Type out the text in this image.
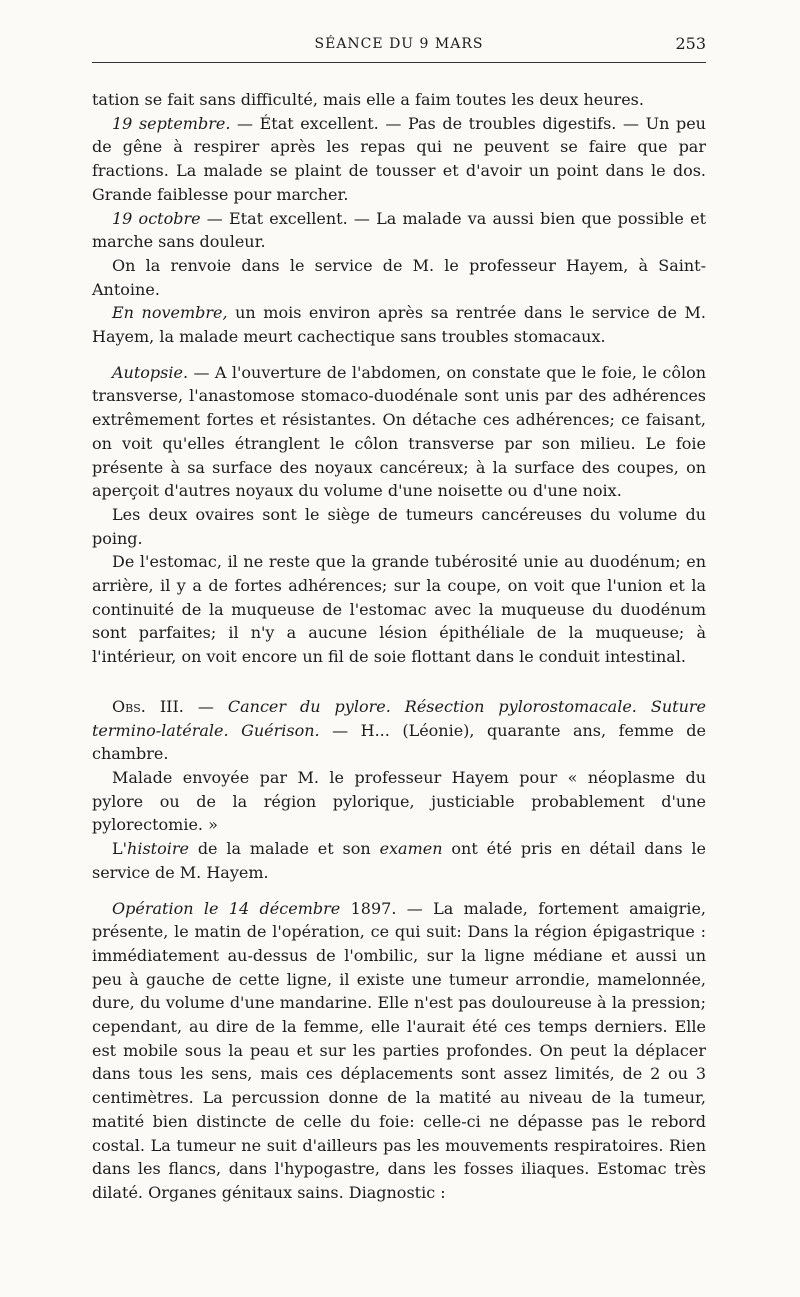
SÉANCE DU 9 MARS	253

tation se fait sans difficulté, mais elle a faim toutes les deux heures.

19 septembre. — État excellent. — Pas de troubles digestifs. — Un peu de gêne à respirer après les repas qui ne peuvent se faire que par fractions. La malade se plaint de tousser et d'avoir un point dans le dos. Grande faiblesse pour marcher.

19 octobre — Etat excellent. — La malade va aussi bien que possible et marche sans douleur.

On la renvoie dans le service de M. le professeur Hayem, à Saint-Antoine.

En novembre, un mois environ après sa rentrée dans le service de M. Hayem, la malade meurt cachectique sans troubles stomacaux.

Autopsie. — A l'ouverture de l'abdomen, on constate que le foie, le côlon transverse, l'anastomose stomaco-duodénale sont unis par des adhérences extrêmement fortes et résistantes. On détache ces adhérences; ce faisant, on voit qu'elles étranglent le côlon transverse par son milieu. Le foie présente à sa surface des noyaux cancéreux; à la surface des coupes, on aperçoit d'autres noyaux du volume d'une noisette ou d'une noix.

Les deux ovaires sont le siège de tumeurs cancéreuses du volume du poing.

De l'estomac, il ne reste que la grande tubérosité unie au duodénum; en arrière, il y a de fortes adhérences; sur la coupe, on voit que l'union et la continuité de la muqueuse de l'estomac avec la muqueuse du duodénum sont parfaites; il n'y a aucune lésion épithéliale de la muqueuse; à l'intérieur, on voit encore un fil de soie flottant dans le conduit intestinal.

Obs. III. — Cancer du pylore. Résection pylorostomacale. Suture termino-latérale. Guérison. — H... (Léonie), quarante ans, femme de chambre.

Malade envoyée par M. le professeur Hayem pour « néoplasme du pylore ou de la région pylorique, justiciable probablement d'une pylorectomie. »

L'histoire de la malade et son examen ont été pris en détail dans le service de M. Hayem.

Opération le 14 décembre 1897. — La malade, fortement amaigrie, présente, le matin de l'opération, ce qui suit: Dans la région épigastrique : immédiatement au-dessus de l'ombilic, sur la ligne médiane et aussi un peu à gauche de cette ligne, il existe une tumeur arrondie, mamelonnée, dure, du volume d'une mandarine. Elle n'est pas douloureuse à la pression; cependant, au dire de la femme, elle l'aurait été ces temps derniers. Elle est mobile sous la peau et sur les parties profondes. On peut la déplacer dans tous les sens, mais ces déplacements sont assez limités, de 2 ou 3 centimètres. La percussion donne de la matité au niveau de la tumeur, matité bien distincte de celle du foie: celle-ci ne dépasse pas le rebord costal. La tumeur ne suit d'ailleurs pas les mouvements respiratoires. Rien dans les flancs, dans l'hypogastre, dans les fosses iliaques. Estomac très dilaté. Organes génitaux sains. Diagnostic :
